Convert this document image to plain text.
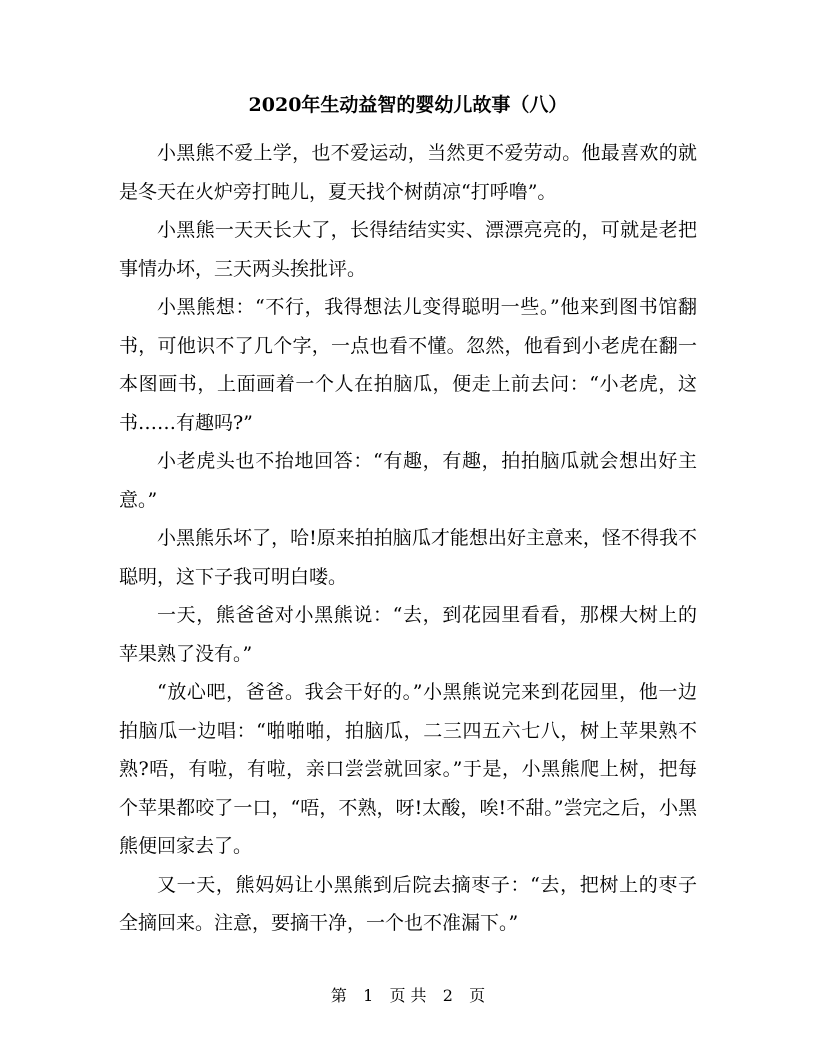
2020年生动益智的婴幼儿故事（八）

小黑熊不爱上学，也不爱运动，当然更不爱劳动。他最喜欢的就是冬天在火炉旁打盹儿，夏天找个树荫凉“打呼噜”。

小黑熊一天天长大了，长得结结实实、漂漂亮亮的，可就是老把事情办坏，三天两头挨批评。

小黑熊想：“不行，我得想法儿变得聪明一些。”他来到图书馆翻书，可他识不了几个字，一点也看不懂。忽然，他看到小老虎在翻一本图画书，上面画着一个人在拍脑瓜，便走上前去问：“小老虎，这书……有趣吗?”

小老虎头也不抬地回答：“有趣，有趣，拍拍脑瓜就会想出好主意。”

小黑熊乐坏了，哈!原来拍拍脑瓜才能想出好主意来，怪不得我不聪明，这下子我可明白喽。

一天，熊爸爸对小黑熊说：“去，到花园里看看，那棵大树上的苹果熟了没有。”

“放心吧，爸爸。我会干好的。”小黑熊说完来到花园里，他一边拍脑瓜一边唱：“啪啪啪，拍脑瓜，二三四五六七八，树上苹果熟不熟?唔，有啦，有啦，亲口尝尝就回家。”于是，小黑熊爬上树，把每个苹果都咬了一口，“唔，不熟，呀!太酸，唉!不甜。”尝完之后，小黑熊便回家去了。

又一天，熊妈妈让小黑熊到后院去摘枣子：“去，把树上的枣子全摘回来。注意，要摘干净，一个也不准漏下。”

第 1 页 共 2 页
